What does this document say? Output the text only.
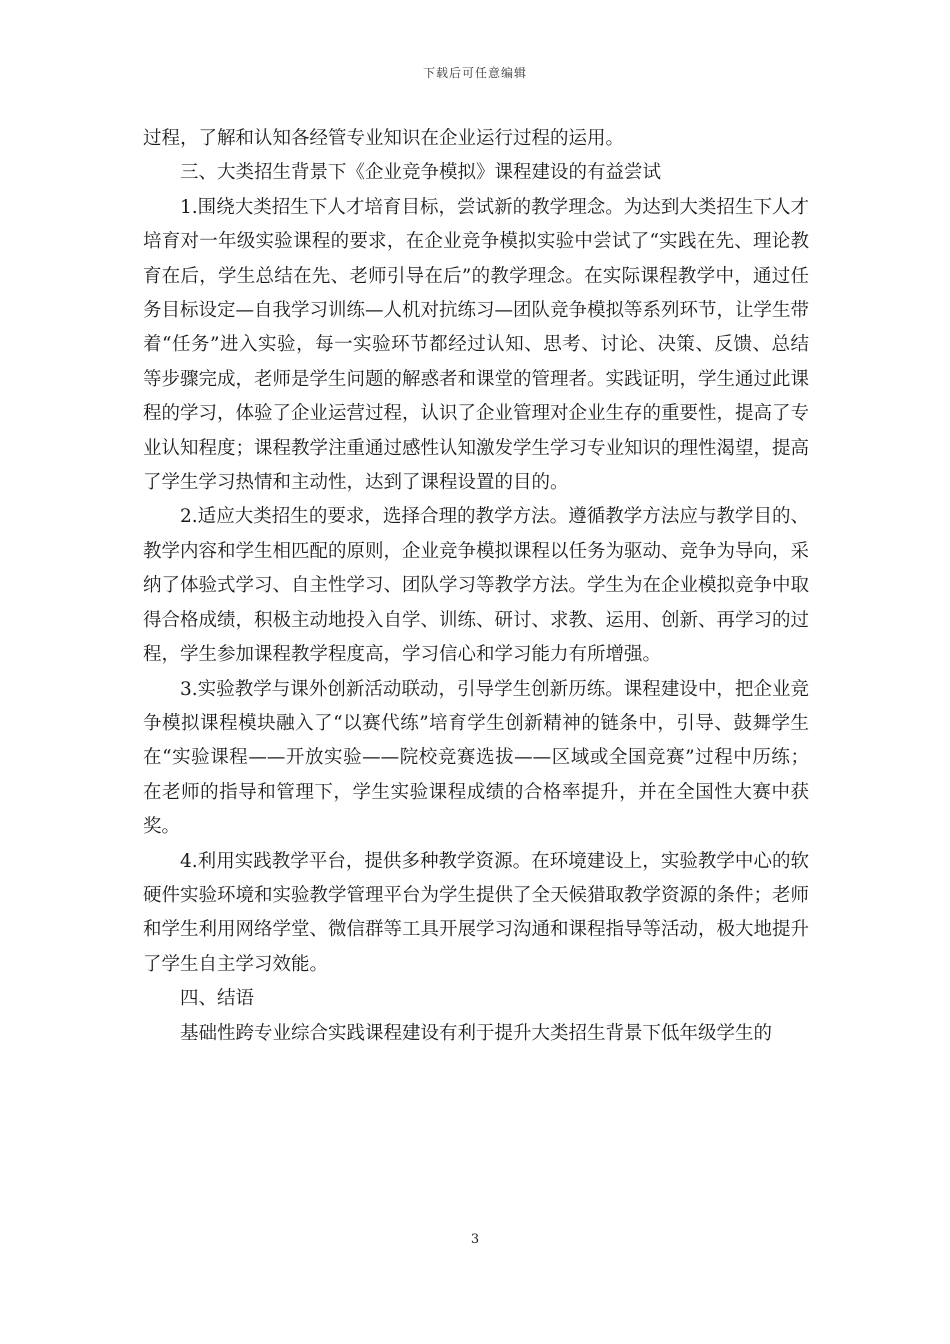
下载后可任意编辑

过程，了解和认知各经管专业知识在企业运行过程的运用。

三、大类招生背景下《企业竞争模拟》课程建设的有益尝试

1.围绕大类招生下人才培育目标，尝试新的教学理念。为达到大类招生下人才培育对一年级实验课程的要求，在企业竞争模拟实验中尝试了“实践在先、理论教育在后，学生总结在先、老师引导在后”的教学理念。在实际课程教学中，通过任务目标设定—自我学习训练—人机对抗练习—团队竞争模拟等系列环节，让学生带着“任务”进入实验，每一实验环节都经过认知、思考、讨论、决策、反馈、总结等步骤完成，老师是学生问题的解惑者和课堂的管理者。实践证明，学生通过此课程的学习，体验了企业运营过程，认识了企业管理对企业生存的重要性，提高了专业认知程度；课程教学注重通过感性认知激发学生学习专业知识的理性渴望，提高了学生学习热情和主动性，达到了课程设置的目的。

2.适应大类招生的要求，选择合理的教学方法。遵循教学方法应与教学目的、教学内容和学生相匹配的原则，企业竞争模拟课程以任务为驱动、竞争为导向，采纳了体验式学习、自主性学习、团队学习等教学方法。学生为在企业模拟竞争中取得合格成绩，积极主动地投入自学、训练、研讨、求教、运用、创新、再学习的过程，学生参加课程教学程度高，学习信心和学习能力有所增强。

3.实验教学与课外创新活动联动，引导学生创新历练。课程建设中，把企业竞争模拟课程模块融入了“以赛代练”培育学生创新精神的链条中，引导、鼓舞学生在“实验课程——开放实验——院校竞赛选拔——区域或全国竞赛”过程中历练；在老师的指导和管理下，学生实验课程成绩的合格率提升，并在全国性大赛中获奖。

4.利用实践教学平台，提供多种教学资源。在环境建设上，实验教学中心的软硬件实验环境和实验教学管理平台为学生提供了全天候猎取教学资源的条件；老师和学生利用网络学堂、微信群等工具开展学习沟通和课程指导等活动，极大地提升了学生自主学习效能。

四、结语

基础性跨专业综合实践课程建设有利于提升大类招生背景下低年级学生的

3
